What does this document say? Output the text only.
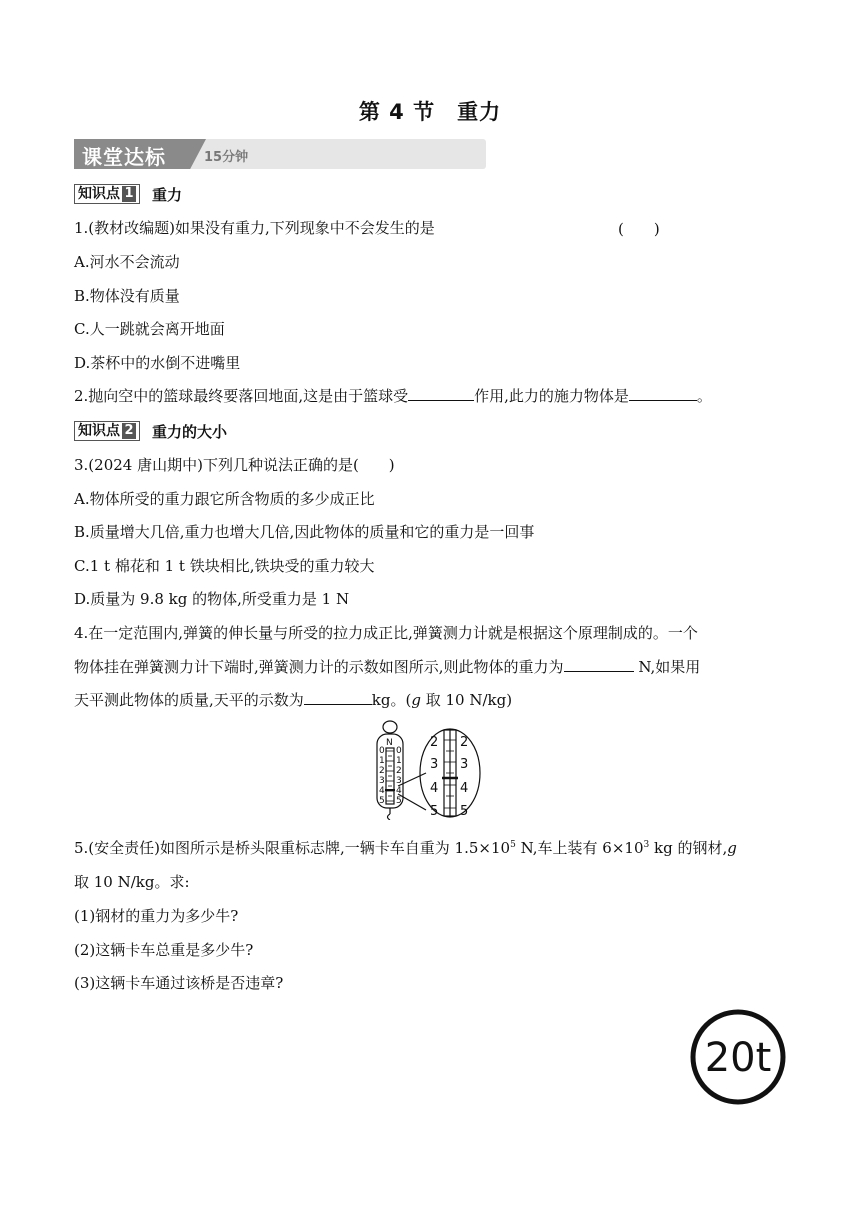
第 4 节　重力
课堂达标	15分钟
知识点 1 重力
1.(教材改编题)如果没有重力,下列现象中不会发生的是	(　　)
A.河水不会流动
B.物体没有质量
C.人一跳就会离开地面
D.茶杯中的水倒不进嘴里
2.抛向空中的篮球最终要落回地面,这是由于篮球受	作用,此力的施力物体是	。
知识点 2 重力的大小
3.(2024 唐山期中)下列几种说法正确的是(　　)
A.物体所受的重力跟它所含物质的多少成正比
B.质量增大几倍,重力也增大几倍,因此物体的质量和它的重力是一回事
C.1 t 棉花和 1 t 铁块相比,铁块受的重力较大
D.质量为 9.8 kg 的物体,所受重力是 1 N
4.在一定范围内,弹簧的伸长量与所受的拉力成正比,弹簧测力计就是根据这个原理制成的。一个
物体挂在弹簧测力计下端时,弹簧测力计的示数如图所示,则此物体的重力为	N,如果用
天平测此物体的质量,天平的示数为	kg。(g 取 10 N/kg)
N
0
1
2
3
4
5
0
1
2
3
4
5
2
3
4
5
2
3
4
5
5.(安全责任)如图所示是桥头限重标志牌,一辆卡车自重为 $1.5\times 10^5$ N,车上装有 $6\times 10^3$ kg 的钢材,g
取 10 N/kg。求:
(1)钢材的重力为多少牛?
(2)这辆卡车总重是多少牛?
(3)这辆卡车通过该桥是否违章?
20t
